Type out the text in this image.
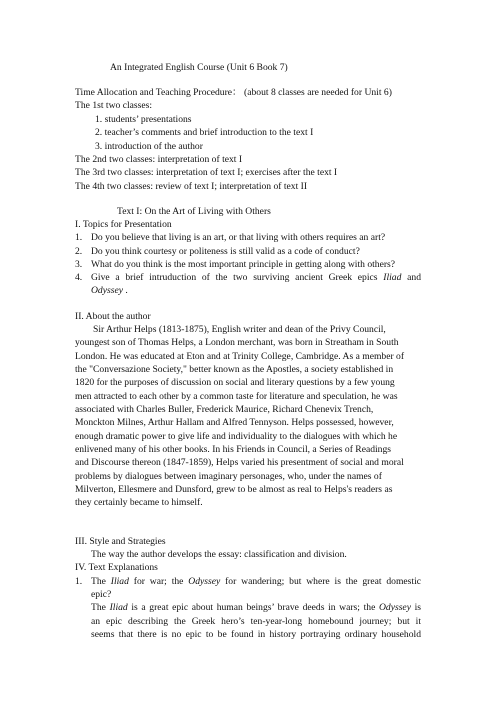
An Integrated English Course (Unit 6 Book 7)
Time Allocation and Teaching Procedure： (about 8 classes are needed for Unit 6)
The 1st two classes:
1. students’ presentations
2. teacher’s comments and brief introduction to the text I
3. introduction of the author
The 2nd two classes: interpretation of text I
The 3rd two classes: interpretation of text I; exercises after the text I
The 4th two classes: review of text I; interpretation of text II
Text I: On the Art of Living with Others
I. Topics for Presentation
1. Do you believe that living is an art, or that living with others requires an art?
2. Do you think courtesy or politeness is still valid as a code of conduct?
3. What do you think is the most important principle in getting along with others?
4. Give a brief intruduction of the two surviving ancient Greek epics Iliad and
Odyssey .
II. About the author
Sir Arthur Helps (1813-1875), English writer and dean of the Privy Council,
youngest son of Thomas Helps, a London merchant, was born in Streatham in South
London. He was educated at Eton and at Trinity College, Cambridge. As a member of
the "Conversazione Society," better known as the Apostles, a society established in
1820 for the purposes of discussion on social and literary questions by a few young
men attracted to each other by a common taste for literature and speculation, he was
associated with Charles Buller, Frederick Maurice, Richard Chenevix Trench,
Monckton Milnes, Arthur Hallam and Alfred Tennyson. Helps possessed, however,
enough dramatic power to give life and individuality to the dialogues with which he
enlivened many of his other books. In his Friends in Council, a Series of Readings
and Discourse thereon (1847-1859), Helps varied his presentment of social and moral
problems by dialogues between imaginary personages, who, under the names of
Milverton, Ellesmere and Dunsford, grew to be almost as real to Helps's readers as
they certainly became to himself.
III. Style and Strategies
The way the author develops the essay: classification and division.
IV. Text Explanations
1. The Iliad for war; the Odyssey for wandering; but where is the great domestic
epic?
The Iliad is a great epic about human beings’ brave deeds in wars; the Odyssey is
an epic describing the Greek hero’s ten-year-long homebound journey; but it
seems that there is no epic to be found in history portraying ordinary household
